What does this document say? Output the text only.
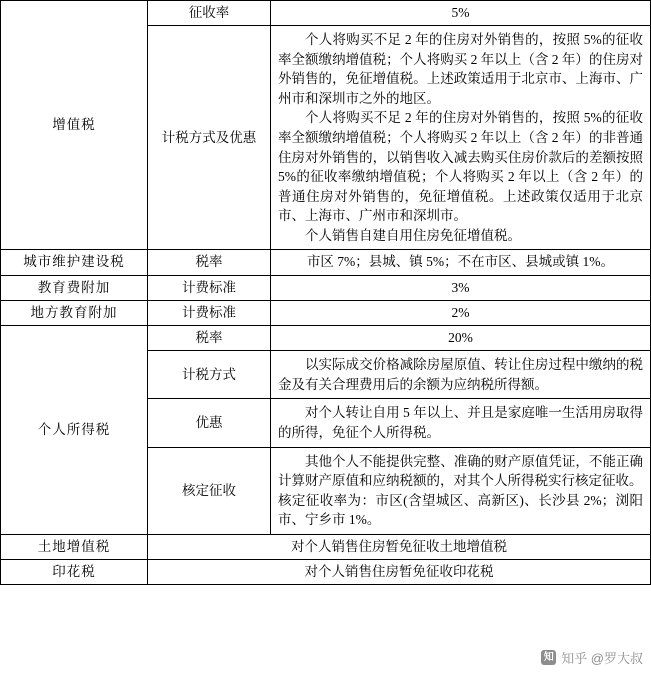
增值税	征收率	5%
	计税方式及优惠	个人将购买不足 2 年的住房对外销售的，按照 5%的征收率全额缴纳增值税；个人将购买 2 年以上（含 2 年）的住房对外销售的，免征增值税。上述政策适用于北京市、上海市、广州市和深圳市之外的地区。

个人将购买不足 2 年的住房对外销售的，按照 5%的征收率全额缴纳增值税；个人将购买 2 年以上（含 2 年）的非普通住房对外销售的，以销售收入减去购买住房价款后的差额按照 5%的征收率缴纳增值税；个人将购买 2 年以上（含 2 年）的普通住房对外销售的，免征增值税。上述政策仅适用于北京市、上海市、广州市和深圳市。

个人销售自建自用住房免征增值税。

城市维护建设税	税率	市区 7%；县城、镇 5%；不在市区、县城或镇 1%。
教育费附加	计费标准	3%
地方教育附加	计费标准	2%
个人所得税	税率	20%
	计税方式	以实际成交价格减除房屋原值、转让住房过程中缴纳的税金及有关合理费用后的余额为应纳税所得额。

	优惠	对个人转让自用 5 年以上、并且是家庭唯一生活用房取得的所得，免征个人所得税。

	核定征收	其他个人不能提供完整、准确的财产原值凭证，不能正确计算财产原值和应纳税额的，对其个人所得税实行核定征收。

核定征收率为：市区(含望城区、高新区)、长沙县 2%；浏阳市、宁乡市 1%。

土地增值税	对个人销售住房暂免征收土地增值税	
印花税	对个人销售住房暂免征收印花税	
知 知乎 @罗大叔
